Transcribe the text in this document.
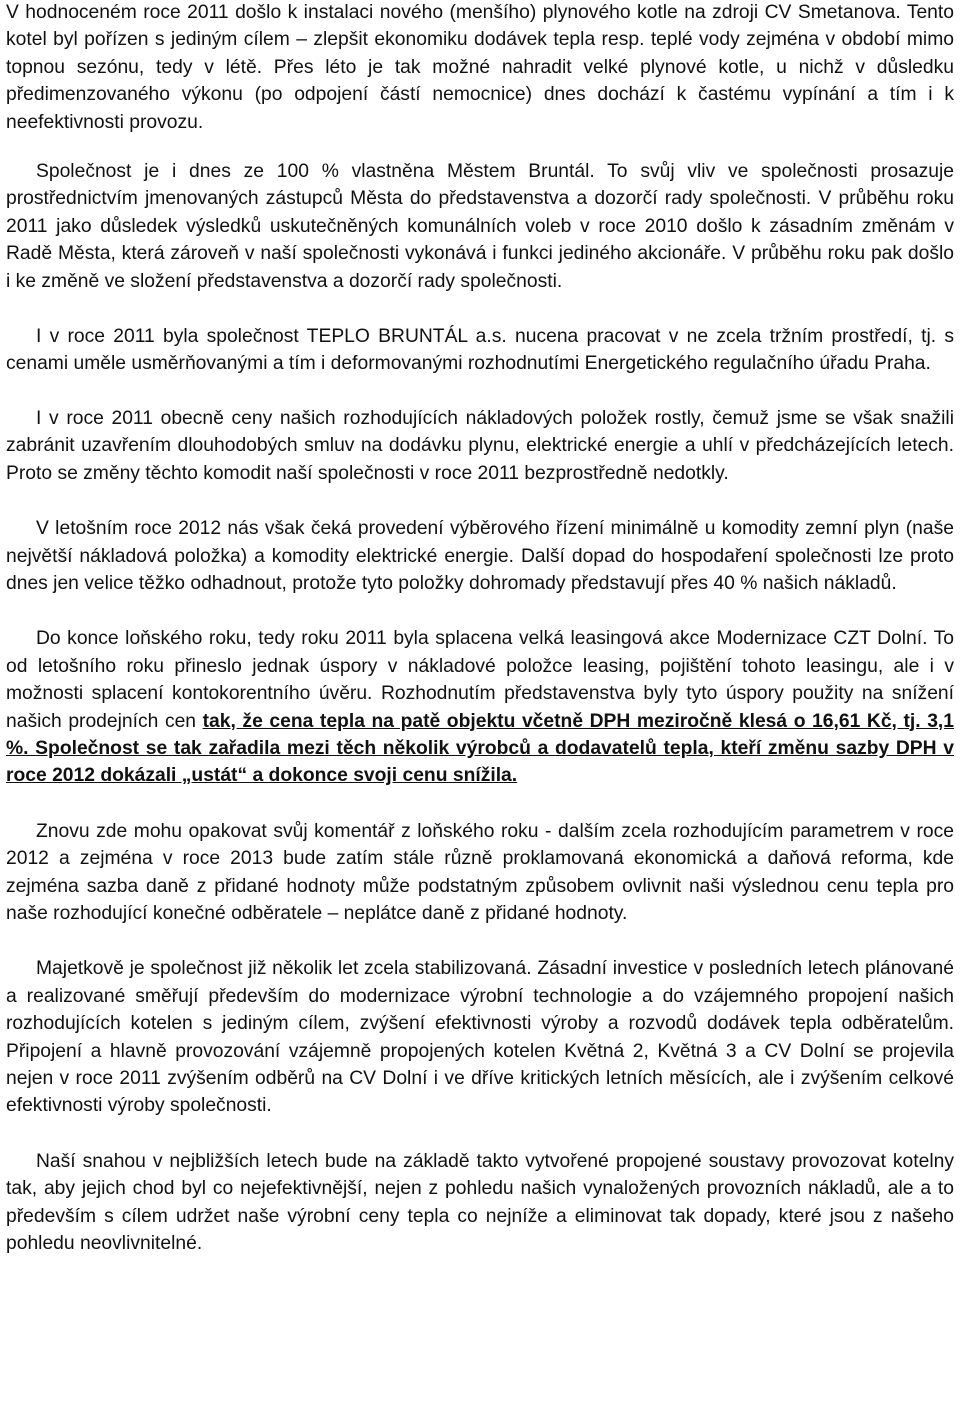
V hodnoceném roce 2011 došlo k instalaci nového (menšího) plynového kotle na zdroji CV Smetanova. Tento kotel byl pořízen s jediným cílem – zlepšit ekonomiku dodávek tepla resp. teplé vody zejména v období mimo topnou sezónu, tedy v létě. Přes léto je tak možné nahradit velké plynové kotle, u nichž v důsledku předimenzovaného výkonu (po odpojení částí nemocnice) dnes dochází k častému vypínání a tím i k neefektivnosti provozu.

Společnost je i dnes ze 100 % vlastněna Městem Bruntál. To svůj vliv ve společnosti prosazuje prostřednictvím jmenovaných zástupců Města do představenstva a dozorčí rady společnosti. V průběhu roku 2011 jako důsledek výsledků uskutečněných komunálních voleb v roce 2010 došlo k zásadním změnám v Radě Města, která zároveň v naší společnosti vykonává i funkci jediného akcionáře. V průběhu roku pak došlo i ke změně ve složení představenstva a dozorčí rady společnosti.

I v roce 2011 byla společnost TEPLO BRUNTÁL a.s. nucena pracovat v ne zcela tržním prostředí, tj. s cenami uměle usměrňovanými a tím i deformovanými rozhodnutími Energetického regulačního úřadu Praha.

I v roce 2011 obecně ceny našich rozhodujících nákladových položek rostly, čemuž jsme se však snažili zabránit uzavřením dlouhodobých smluv na dodávku plynu, elektrické energie a uhlí v předcházejících letech. Proto se změny těchto komodit naší společnosti v roce 2011 bezprostředně nedotkly.

V letošním roce 2012 nás však čeká provedení výběrového řízení minimálně u komodity zemní plyn (naše největší nákladová položka) a komodity elektrické energie. Další dopad do hospodaření společnosti lze proto dnes jen velice těžko odhadnout, protože tyto položky dohromady představují přes 40 % našich nákladů.

Do konce loňského roku, tedy roku 2011 byla splacena velká leasingová akce Modernizace CZT Dolní. To od letošního roku přineslo jednak úspory v nákladové položce leasing, pojištění tohoto leasingu, ale i v možnosti splacení kontokorentního úvěru. Rozhodnutím představenstva byly tyto úspory použity na snížení našich prodejních cen tak, že cena tepla na patě objektu včetně DPH meziročně klesá o 16,61 Kč, tj. 3,1 %. Společnost se tak zařadila mezi těch několik výrobců a dodavatelů tepla, kteří změnu sazby DPH v roce 2012 dokázali „ustát“ a dokonce svoji cenu snížila.

Znovu zde mohu opakovat svůj komentář z loňského roku - dalším zcela rozhodujícím parametrem v roce 2012 a zejména v roce 2013 bude zatím stále různě proklamovaná ekonomická a daňová reforma, kde zejména sazba daně z přidané hodnoty může podstatným způsobem ovlivnit naši výslednou cenu tepla pro naše rozhodující konečné odběratele – neplátce daně z přidané hodnoty.

Majetkově je společnost již několik let zcela stabilizovaná. Zásadní investice v posledních letech plánované a realizované směřují především do modernizace výrobní technologie a do vzájemného propojení našich rozhodujících kotelen s jediným cílem, zvýšení efektivnosti výroby a rozvodů dodávek tepla odběratelům. Připojení a hlavně provozování vzájemně propojených kotelen Květná 2, Květná 3 a CV Dolní se projevila nejen v roce 2011 zvýšením odběrů na CV Dolní i ve dříve kritických letních měsících, ale i zvýšením celkové efektivnosti výroby společnosti.

Naší snahou v nejbližších letech bude na základě takto vytvořené propojené soustavy provozovat kotelny tak, aby jejich chod byl co nejefektivnější, nejen z pohledu našich vynaložených provozních nákladů, ale a to především s cílem udržet naše výrobní ceny tepla co nejníže a eliminovat tak dopady, které jsou z našeho pohledu neovlivnitelné.
